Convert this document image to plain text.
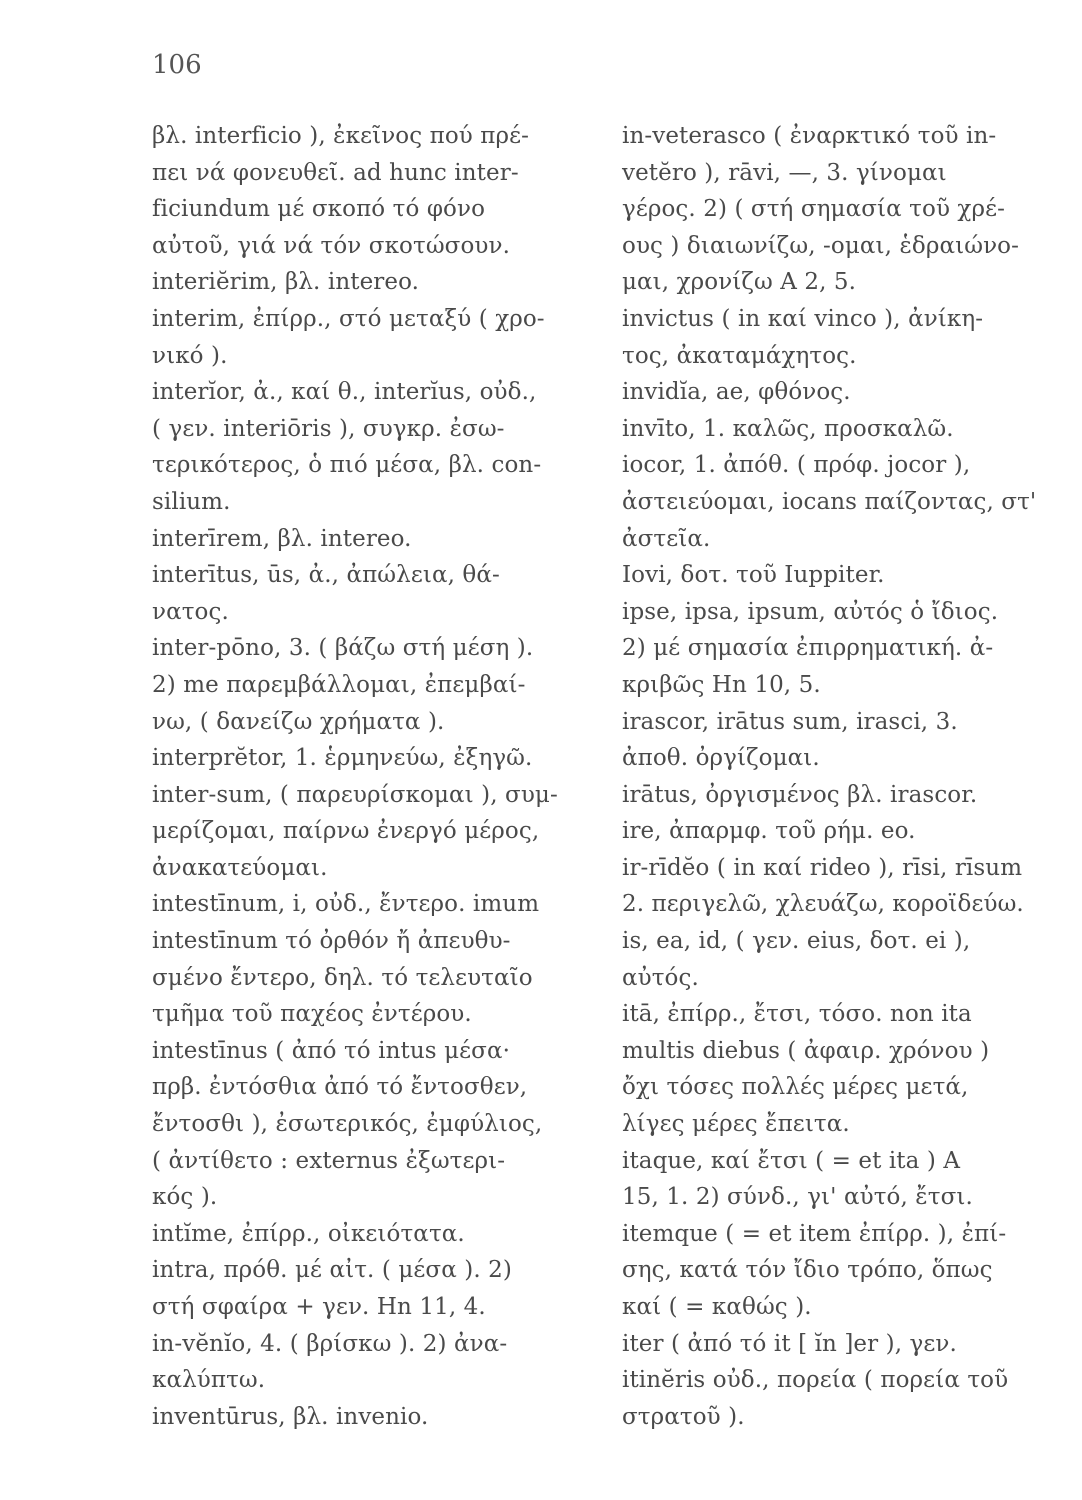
106
βλ. interficio ), ἐκεῖνος πού πρέ-
πει νά φονευθεῖ. ad hunc inter-
ficiundum μέ σκοπό τό φόνο
αὐτοῦ, γιά νά τόν σκοτώσουν.
interiĕrim, βλ. intereo.
interim, ἐπίρρ., στό μεταξύ ( χρο-
νικό ).
interĭor, ἀ., καί θ., interĭus, οὐδ.,
( γεν. interiōris ), συγκρ. ἐσω-
τερικότερος, ὁ πιό μέσα, βλ. con-
silium.
interīrem, βλ. intereo.
interītus, ūs, ἀ., ἀπώλεια, θά-
νατος.
inter-pōno, 3. ( βάζω στή μέση ).
2) me παρεμβάλλομαι, ἐπεμβαί-
νω, ( δανείζω χρήματα ).
interprĕtor, 1. ἑρμηνεύω, ἐξηγῶ.
inter-sum, ( παρευρίσκομαι ), συμ-
μερίζομαι, παίρνω ἐνεργό μέρος,
ἀνακατεύομαι.
intestīnum, i, οὐδ., ἔντερο. imum
intestīnum τό ὀρθόν ἤ ἀπευθυ-
σμένο ἔντερο, δηλ. τό τελευταῖο
τμῆμα τοῦ παχέος ἐντέρου.
intestīnus ( ἀπό τό intus μέσα·
πρβ. ἐντόσθια ἀπό τό ἔντοσθεν,
ἔντοσθι ), ἐσωτερικός, ἐμφύλιος,
( ἀντίθετο : externus ἐξωτερι-
κός ).
intĭme, ἐπίρρ., οἰκειότατα.
intra, πρόθ. μέ αἰτ. ( μέσα ). 2)
στή σφαίρα + γεν. Hn 11, 4.
in-vĕnĭo, 4. ( βρίσκω ). 2) ἀνα-
καλύπτω.
inventūrus, βλ. invenio.
in-veterasco ( ἐναρκτικό τοῦ in-
vetĕro ), rāvi, —, 3. γίνομαι
γέρος. 2) ( στή σημασία τοῦ χρέ-
ους ) διαιωνίζω, -ομαι, ἑδραιώνο-
μαι, χρονίζω A 2, 5.
invictus ( in καί vinco ), ἀνίκη-
τος, ἀκαταμάχητος.
invidĭa, ae, φθόνος.
invīto, 1. καλῶς, προσκαλῶ.
iocor, 1. ἀπόθ. ( πρόφ. jocor ),
ἀστειεύομαι, iocans παίζοντας, στ'
ἀστεῖα.
Iovi, δοτ. τοῦ Iuppiter.
ipse, ipsa, ipsum, αὐτός ὁ ἴδιος.
2) μέ σημασία ἐπιρρηματική. ἀ-
κριβῶς Hn 10, 5.
irascor, irātus sum, irasci, 3.
ἀποθ. ὀργίζομαι.
irātus, ὀργισμένος βλ. irascor.
ire, ἀπαρμφ. τοῦ ρήμ. eo.
ir-rīdĕo ( in καί rideo ), rīsi, rīsum
2. περιγελῶ, χλευάζω, κοροϊδεύω.
is, ea, id, ( γεν. eius, δοτ. ei ),
αὐτός.
itā, ἐπίρρ., ἔτσι, τόσο. non ita
multis diebus ( ἀφαιρ. χρόνου )
ὄχι τόσες πολλές μέρες μετά,
λίγες μέρες ἔπειτα.
itaque, καί ἔτσι ( = et ita ) A
15, 1. 2) σύνδ., γι' αὐτό, ἔτσι.
itemque ( = et item ἐπίρρ. ), ἐπί-
σης, κατά τόν ἴδιο τρόπο, ὅπως
καί ( = καθώς ).
iter ( ἀπό τό it [ ĭn ]er ), γεν.
itinĕris οὐδ., πορεία ( πορεία τοῦ
στρατοῦ ).
